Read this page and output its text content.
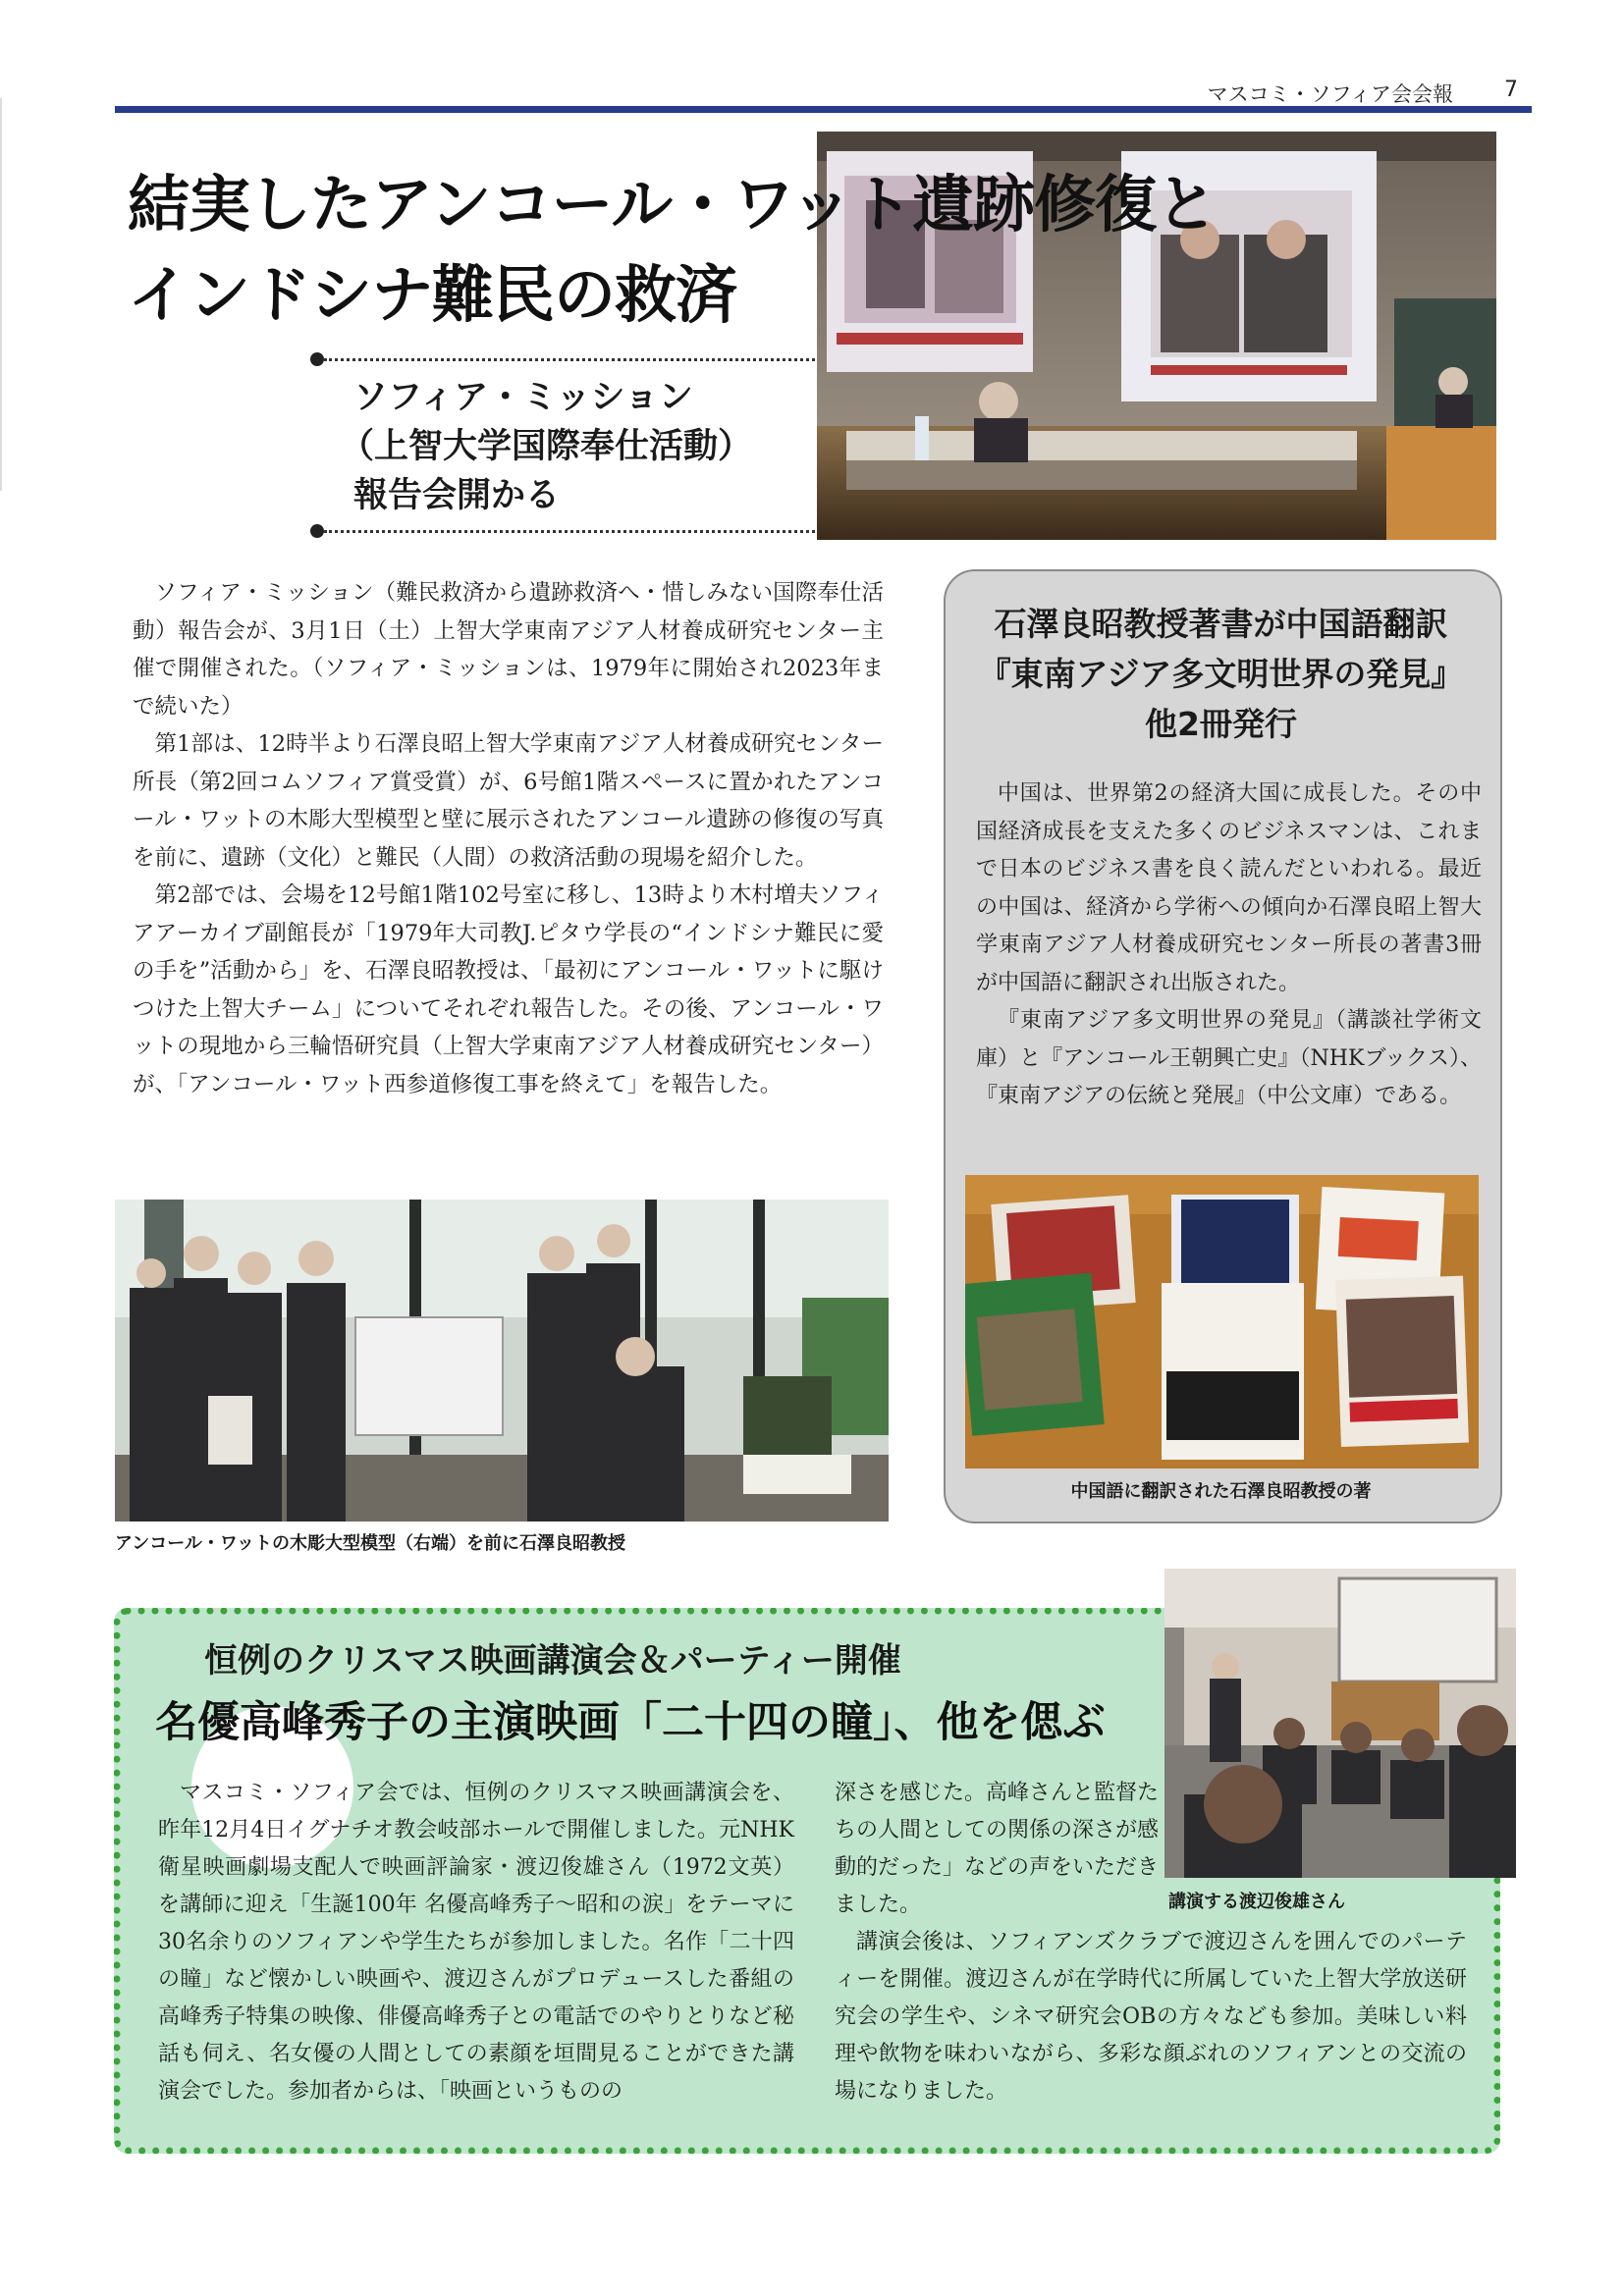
マスコミ・ソフィア会会報	7
結実したアンコール・ワット遺跡修復と
インドシナ難民の救済
ソフィア・ミッション
（上智大学国際奉仕活動）
報告会開かる

ソフィア・ミッション（難民救済から遺跡救済へ・惜しみない国際奉仕活動）報告会が、3月1日（土）上智大学東南アジア人材養成研究センター主催で開催された。（ソフィア・ミッションは、1979年に開始され2023年まで続いた）

第1部は、12時半より石澤良昭上智大学東南アジア人材養成研究センター所長（第2回コムソフィア賞受賞）が、6号館1階スペースに置かれたアンコール・ワットの木彫大型模型と壁に展示されたアンコール遺跡の修復の写真を前に、遺跡（文化）と難民（人間）の救済活動の現場を紹介した。

第2部では、会場を12号館1階102号室に移し、13時より木村増夫ソフィアアーカイブ副館長が「1979年大司教J.ピタウ学長の“インドシナ難民に愛の手を”活動から」を、石澤良昭教授は、「最初にアンコール・ワットに駆けつけた上智大チーム」についてそれぞれ報告した。その後、アンコール・ワットの現地から三輪悟研究員（上智大学東南アジア人材養成研究センター）が、「アンコール・ワット西参道修復工事を終えて」を報告した。

アンコール・ワットの木彫大型模型（右端）を前に石澤良昭教授
石澤良昭教授著書が中国語翻訳
『東南アジア多文明世界の発見』
他2冊発行

中国は、世界第2の経済大国に成長した。その中国経済成長を支えた多くのビジネスマンは、これまで日本のビジネス書を良く読んだといわれる。最近の中国は、経済から学術への傾向か石澤良昭上智大学東南アジア人材養成研究センター所長の著書3冊が中国語に翻訳され出版された。

『東南アジア多文明世界の発見』（講談社学術文庫）と『アンコール王朝興亡史』（NHKブックス）、『東南アジアの伝統と発展』（中公文庫）である。

中国語に翻訳された石澤良昭教授の著
恒例のクリスマス映画講演会＆パーティー開催
名優高峰秀子の主演映画「二十四の瞳」、他を偲ぶ

マスコミ・ソフィア会では、恒例のクリスマス映画講演会を、昨年12月4日イグナチオ教会岐部ホールで開催しました。元NHK衛星映画劇場支配人で映画評論家・渡辺俊雄さん（1972文英）を講師に迎え「生誕100年 名優高峰秀子～昭和の涙」をテーマに30名余りのソフィアンや学生たちが参加しました。名作「二十四の瞳」など懐かしい映画や、渡辺さんがプロデュースした番組の高峰秀子特集の映像、俳優高峰秀子との電話でのやりとりなど秘話も伺え、名女優の人間としての素顔を垣間見ることができた講演会でした。参加者からは、「映画というものの

深さを感じた。高峰さんと監督たちの人間としての関係の深さが感動的だった」などの声をいただきました。

講演会後は、ソフィアンズクラブで渡辺さんを囲んでのパーティーを開催。渡辺さんが在学時代に所属していた上智大学放送研究会の学生や、シネマ研究会OBの方々なども参加。美味しい料理や飲物を味わいながら、多彩な顔ぶれのソフィアンとの交流の場になりました。

講演する渡辺俊雄さん
